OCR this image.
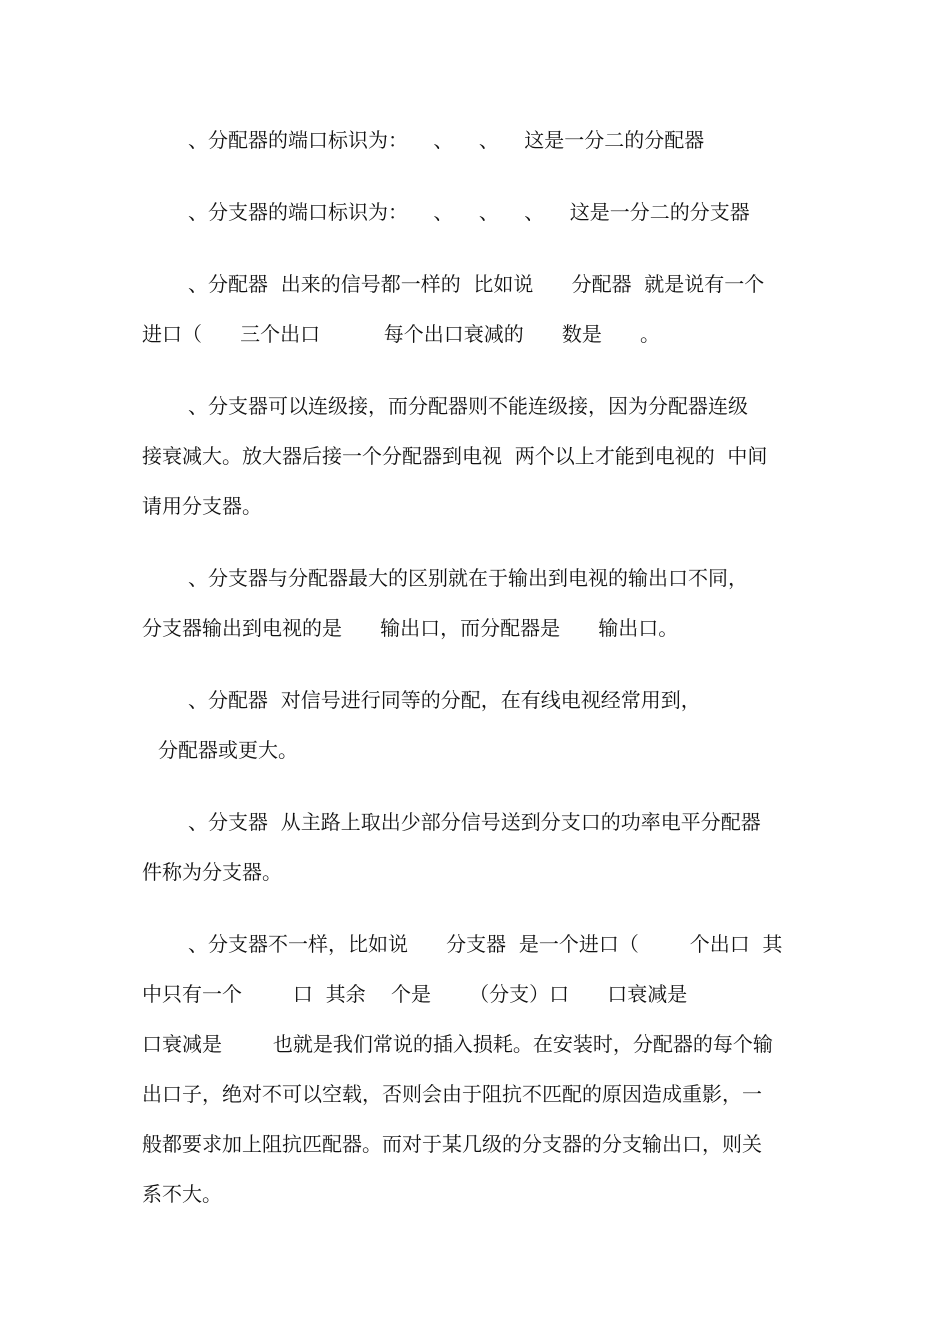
、分配器的端口标识为：    、    、    这是一分二的分配器

、分支器的端口标识为：    、    、    、    这是一分二的分支器

、分配器  出来的信号都一样的  比如说      分配器  就是说有一个

进口（      三个出口          每个出口衰减的      数是      。

、分支器可以连级接，而分配器则不能连级接，因为分配器连级

接衰减大。放大器后接一个分配器到电视  两个以上才能到电视的  中间

请用分支器。

、分支器与分配器最大的区别就在于输出到电视的输出口不同，

分支器输出到电视的是      输出口，而分配器是      输出口。

、分配器  对信号进行同等的分配，在有线电视经常用到，

分配器或更大。

、分支器  从主路上取出少部分信号送到分支口的功率电平分配器

件称为分支器。

、分支器不一样，比如说      分支器  是一个进口（        个出口  其

中只有一个        口  其余    个是      （分支）口      口衰减是

口衰减是        也就是我们常说的插入损耗。在安装时，分配器的每个输

出口子，绝对不可以空载，否则会由于阻抗不匹配的原因造成重影，一

般都要求加上阻抗匹配器。而对于某几级的分支器的分支输出口，则关

系不大。
